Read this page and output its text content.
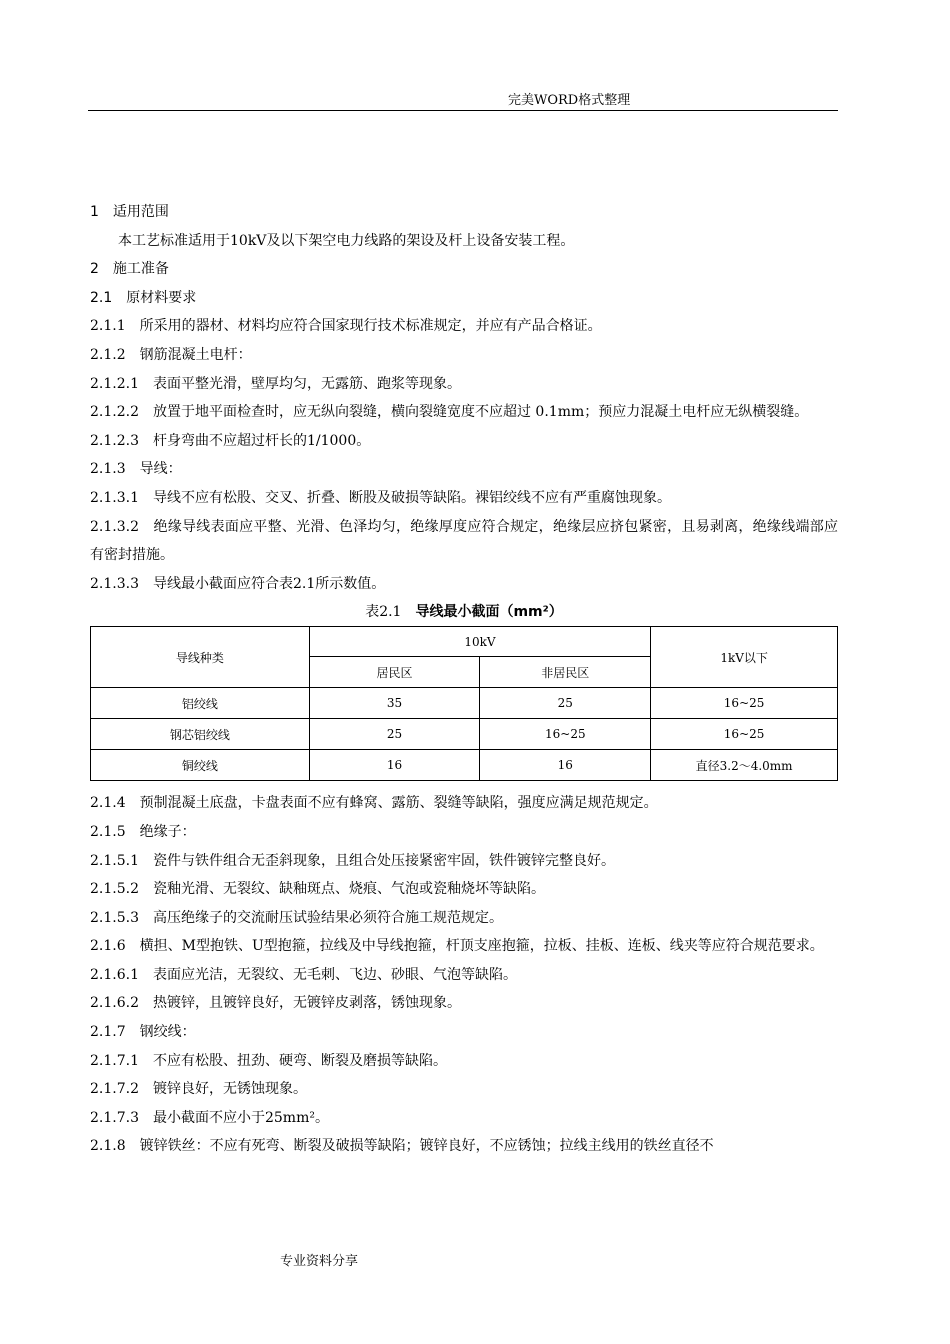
完美WORD格式整理
1　适用范围
本工艺标准适用于10kV及以下架空电力线路的架设及杆上设备安装工程。
2　施工准备
2.1　原材料要求
2.1.1　所采用的器材、材料均应符合国家现行技术标准规定，并应有产品合格证。
2.1.2　钢筋混凝土电杆：
2.1.2.1　表面平整光滑，壁厚均匀，无露筋、跑浆等现象。
2.1.2.2　放置于地平面检查时，应无纵向裂缝，横向裂缝宽度不应超过 0.1mm；预应力混凝土电杆应无纵横裂缝。
2.1.2.3　杆身弯曲不应超过杆长的1/1000。
2.1.3　导线：
2.1.3.1　导线不应有松股、交叉、折叠、断股及破损等缺陷。裸铝绞线不应有严重腐蚀现象。
2.1.3.2　绝缘导线表面应平整、光滑、色泽均匀，绝缘厚度应符合规定，绝缘层应挤包紧密，且易剥离，绝缘线端部应有密封措施。
2.1.3.3　导线最小截面应符合表2.1所示数值。
表2.1　 导线最小截面（mm²）
导线种类	10kV		1kV以下
	居民区	非居民区	
铝绞线	35	25	16~25
钢芯铝绞线	25	16~25	16~25
铜绞线	16	16	直径3.2～4.0mm
2.1.4　预制混凝土底盘，卡盘表面不应有蜂窝、露筋、裂缝等缺陷，强度应满足规范规定。
2.1.5　绝缘子：
2.1.5.1　瓷件与铁件组合无歪斜现象，且组合处压接紧密牢固，铁件镀锌完整良好。
2.1.5.2　瓷釉光滑、无裂纹、缺釉斑点、烧痕、气泡或瓷釉烧坏等缺陷。
2.1.5.3　高压绝缘子的交流耐压试验结果必须符合施工规范规定。
2.1.6　横担、M型抱铁、U型抱箍，拉线及中导线抱箍，杆顶支座抱箍，拉板、挂板、连板、线夹等应符合规范要求。
2.1.6.1　表面应光洁，无裂纹、无毛刺、飞边、砂眼、气泡等缺陷。
2.1.6.2　热镀锌，且镀锌良好，无镀锌皮剥落，锈蚀现象。
2.1.7　钢绞线：
2.1.7.1　不应有松股、扭劲、硬弯、断裂及磨损等缺陷。
2.1.7.2　镀锌良好，无锈蚀现象。
2.1.7.3　最小截面不应小于25mm²。
2.1.8　镀锌铁丝：不应有死弯、断裂及破损等缺陷；镀锌良好，不应锈蚀；拉线主线用的铁丝直径不
专业资料分享
